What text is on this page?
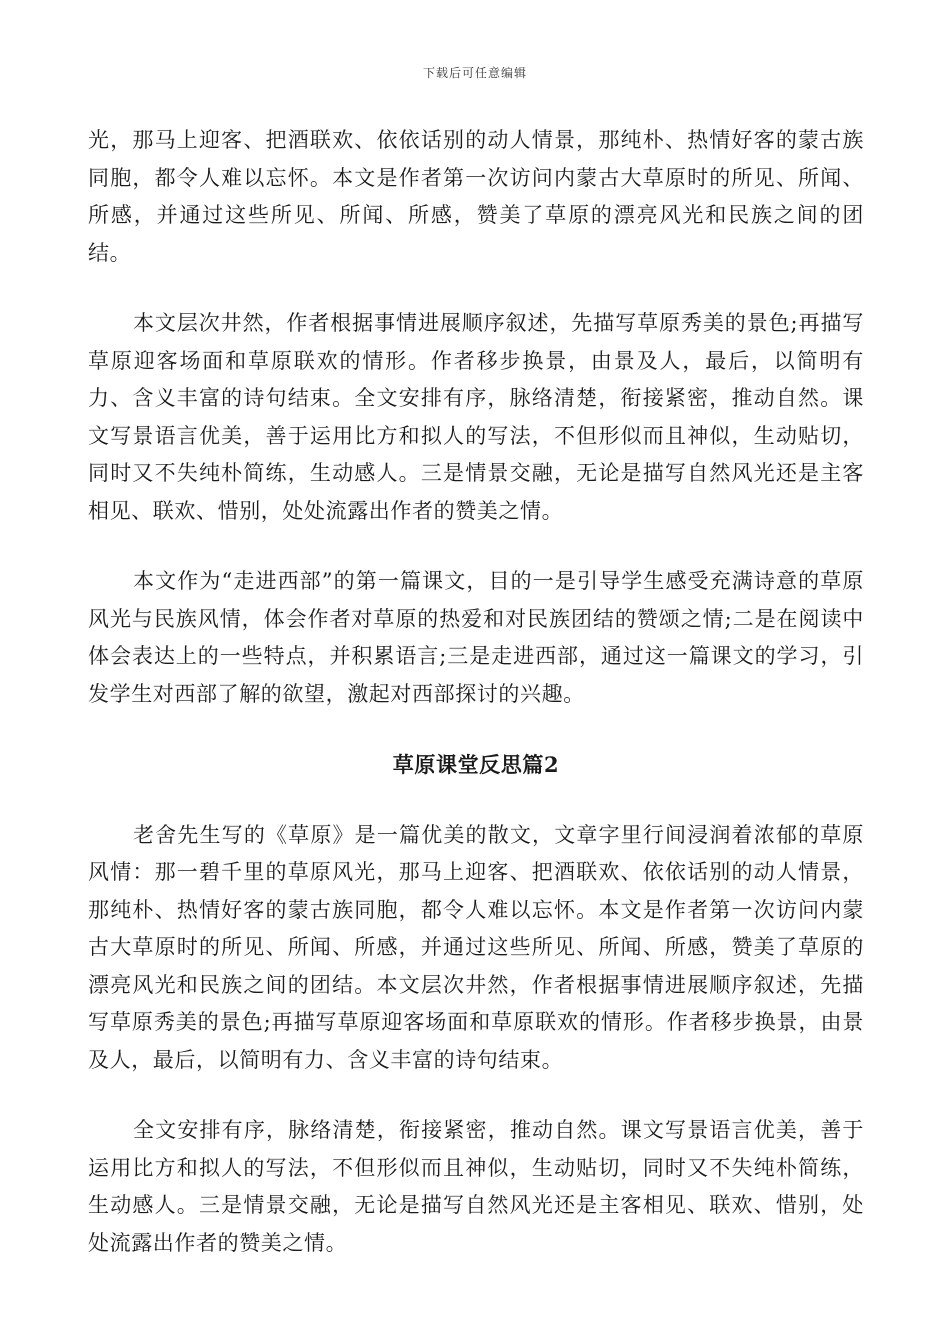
下载后可任意编辑

光，那马上迎客、把酒联欢、依依话别的动人情景，那纯朴、热情好客的蒙古族同胞，都令人难以忘怀。本文是作者第一次访问内蒙古大草原时的所见、所闻、所感，并通过这些所见、所闻、所感，赞美了草原的漂亮风光和民族之间的团结。

本文层次井然，作者根据事情进展顺序叙述，先描写草原秀美的景色;再描写草原迎客场面和草原联欢的情形。作者移步换景，由景及人，最后，以简明有力、含义丰富的诗句结束。全文安排有序，脉络清楚，衔接紧密，推动自然。课文写景语言优美，善于运用比方和拟人的写法，不但形似而且神似，生动贴切，同时又不失纯朴简练，生动感人。三是情景交融，无论是描写自然风光还是主客相见、联欢、惜别，处处流露出作者的赞美之情。

本文作为“走进西部”的第一篇课文，目的一是引导学生感受充满诗意的草原风光与民族风情，体会作者对草原的热爱和对民族团结的赞颂之情;二是在阅读中体会表达上的一些特点，并积累语言;三是走进西部，通过这一篇课文的学习，引发学生对西部了解的欲望，激起对西部探讨的兴趣。

草原课堂反思篇2

老舍先生写的《草原》是一篇优美的散文，文章字里行间浸润着浓郁的草原风情：那一碧千里的草原风光，那马上迎客、把酒联欢、依依话别的动人情景，那纯朴、热情好客的蒙古族同胞，都令人难以忘怀。本文是作者第一次访问内蒙古大草原时的所见、所闻、所感，并通过这些所见、所闻、所感，赞美了草原的漂亮风光和民族之间的团结。本文层次井然，作者根据事情进展顺序叙述，先描写草原秀美的景色;再描写草原迎客场面和草原联欢的情形。作者移步换景，由景及人，最后，以简明有力、含义丰富的诗句结束。

全文安排有序，脉络清楚，衔接紧密，推动自然。课文写景语言优美，善于运用比方和拟人的写法，不但形似而且神似，生动贴切，同时又不失纯朴简练，生动感人。三是情景交融，无论是描写自然风光还是主客相见、联欢、惜别，处处流露出作者的赞美之情。
